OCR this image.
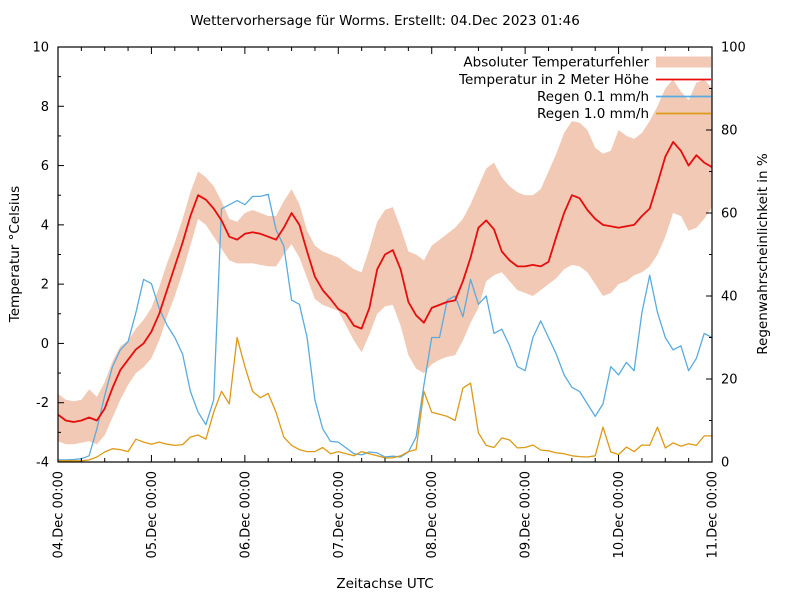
Wettervorhersage für Worms. Erstellt: 04.Dec 2023 01:46
04.Dec 00:00	05.Dec 00:00	06.Dec 00:00	07.Dec 00:00	08.Dec 00:00	09.Dec 00:00	10.Dec 00:00	11.Dec 00:00
-4
-2
0
2
4
6
8
10
0
20
40
60
80
100
Absoluter Temperaturfehler
Temperatur in 2 Meter Höhe
Regen 0.1 mm/h
Regen 1.0 mm/h
Temperatur °Celsius	Regenwahrscheinlichkeit in %
Zeitachse UTC
